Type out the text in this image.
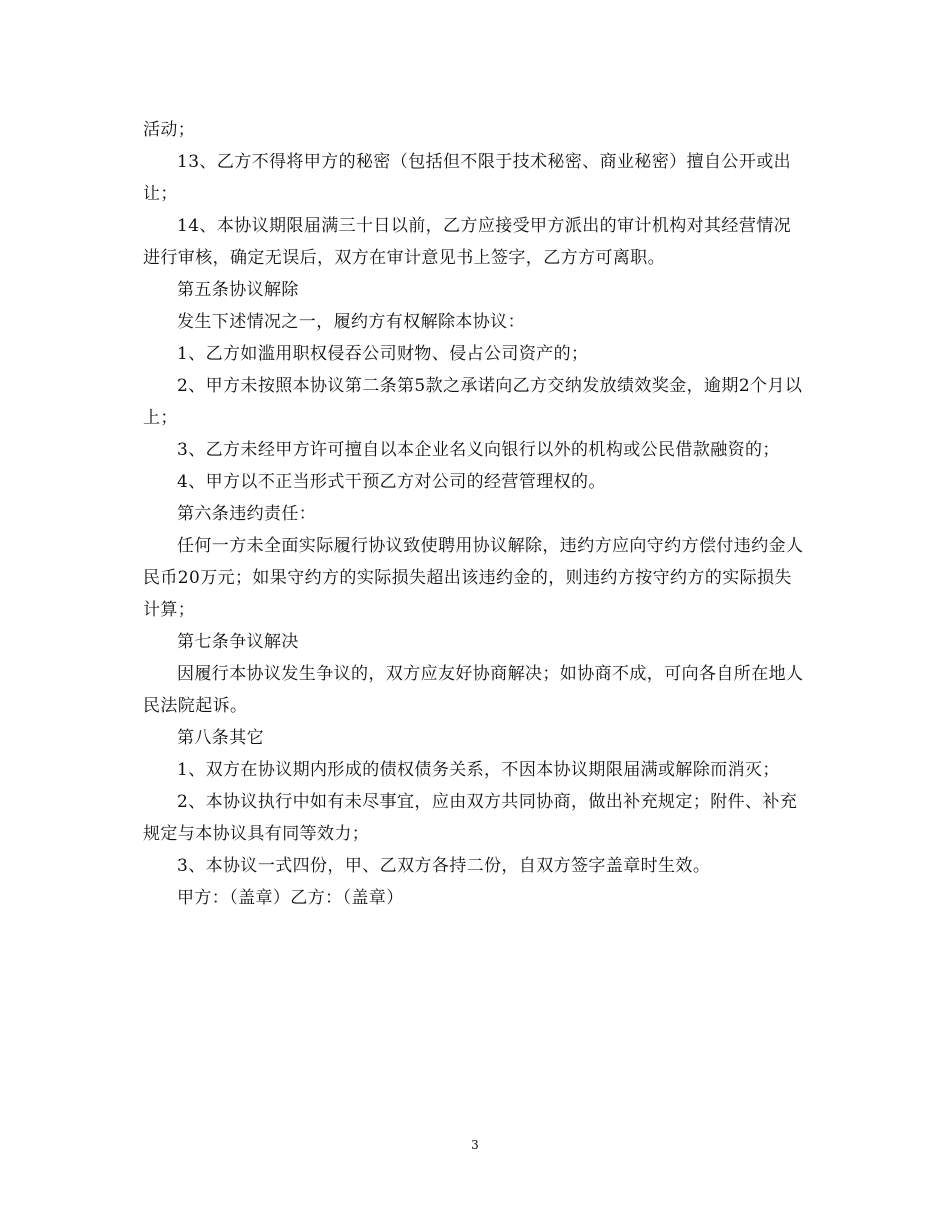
活动；

13、乙方不得将甲方的秘密（包括但不限于技术秘密、商业秘密）擅自公开或出让；

14、本协议期限届满三十日以前，乙方应接受甲方派出的审计机构对其经营情况进行审核，确定无误后，双方在审计意见书上签字，乙方方可离职。

第五条协议解除

发生下述情况之一，履约方有权解除本协议：

1、乙方如滥用职权侵吞公司财物、侵占公司资产的；

2、甲方未按照本协议第二条第5款之承诺向乙方交纳发放绩效奖金，逾期2个月以上；

3、乙方未经甲方许可擅自以本企业名义向银行以外的机构或公民借款融资的；

4、甲方以不正当形式干预乙方对公司的经营管理权的。

第六条违约责任：

任何一方未全面实际履行协议致使聘用协议解除，违约方应向守约方偿付违约金人民币20万元；如果守约方的实际损失超出该违约金的，则违约方按守约方的实际损失计算；

第七条争议解决

因履行本协议发生争议的，双方应友好协商解决；如协商不成，可向各自所在地人民法院起诉。

第八条其它

1、双方在协议期内形成的债权债务关系，不因本协议期限届满或解除而消灭；

2、本协议执行中如有未尽事宜，应由双方共同协商，做出补充规定；附件、补充规定与本协议具有同等效力；

3、本协议一式四份，甲、乙双方各持二份，自双方签字盖章时生效。

甲方：（盖章）乙方：（盖章）

3
